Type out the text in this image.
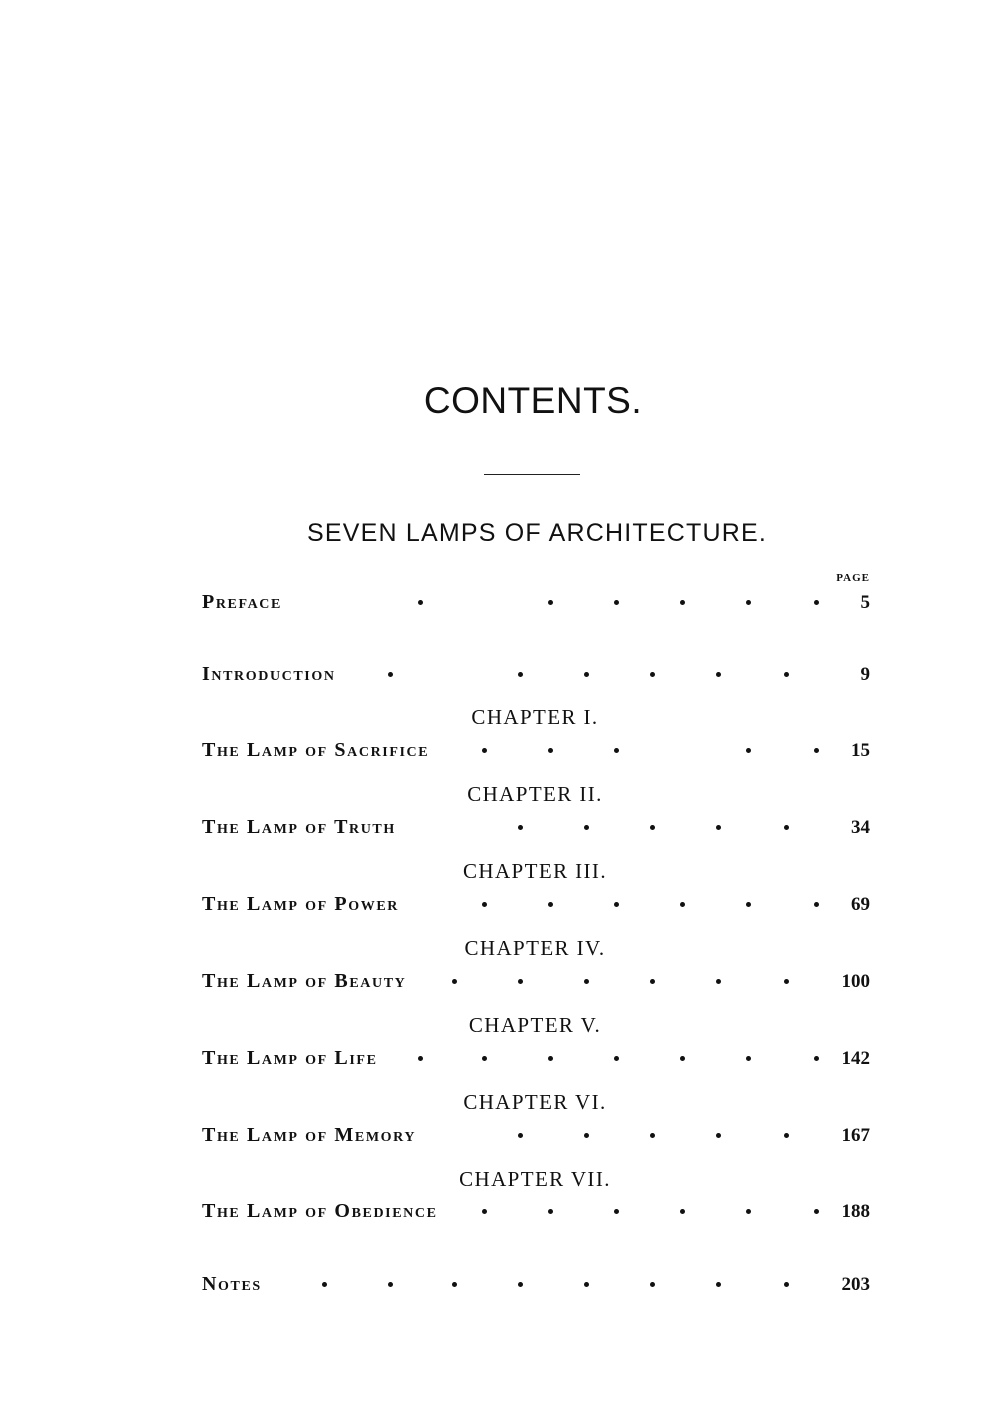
CONTENTS.
SEVEN LAMPS OF ARCHITECTURE.
PAGE
CHAPTER I.
CHAPTER II.
CHAPTER III.
CHAPTER IV.
CHAPTER V.
CHAPTER VI.
CHAPTER VII.
Preface	5
Introduction	9
The Lamp of Sacrifice	15
The Lamp of Truth	34
The Lamp of Power	69
The Lamp of Beauty	100
The Lamp of Life	142
The Lamp of Memory	167
The Lamp of Obedience	188
Notes	203
